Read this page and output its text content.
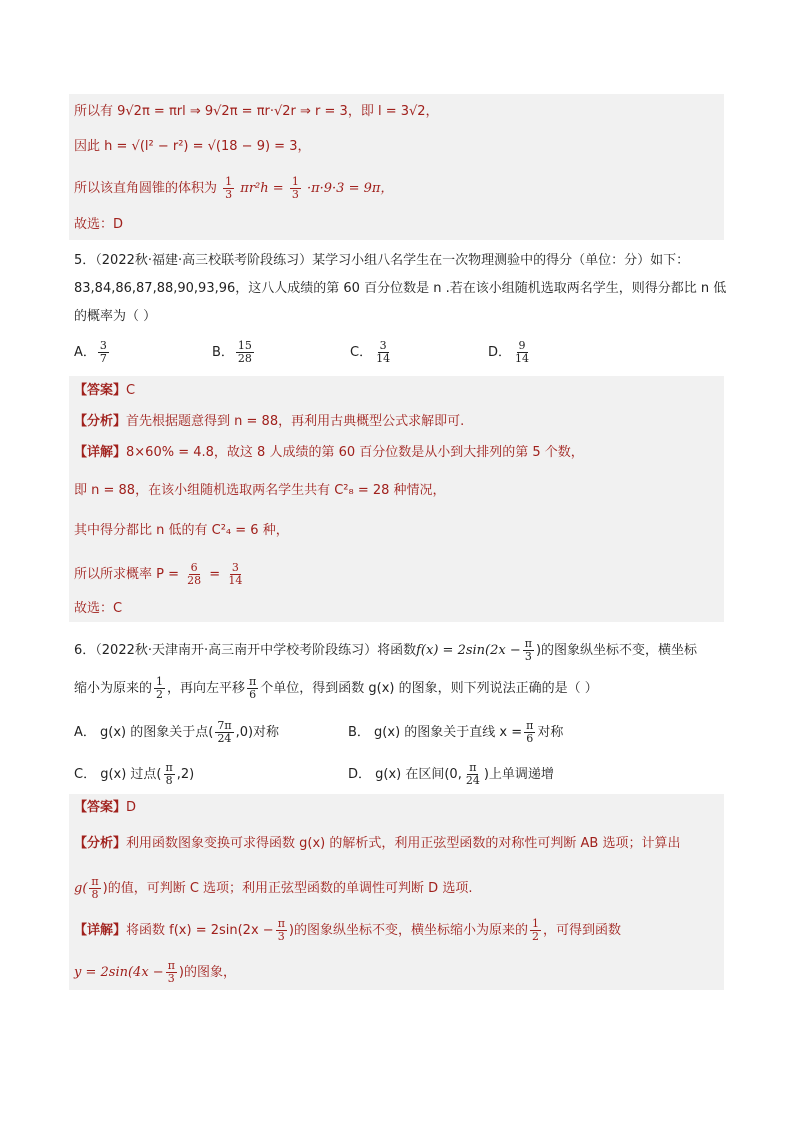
所以有 9√2π = πrl ⇒ 9√2π = πr·√2r ⇒ r = 3，即 l = 3√2，
因此 h = √(l² − r²) = √(18 − 9) = 3，
所以该直角圆锥的体积为 $\frac{1}{3} \pi r^2h = \frac{1}{3} \cdot\pi\cdot 9\cdot 3 = 9\pi$，
故选：D
5．（2022秋·福建·高三校联考阶段练习）某学习小组八名学生在一次物理测验中的得分（单位：分）如下：
83,84,86,87,88,90,93,96，这八人成绩的第 60 百分位数是 n .若在该小组随机选取两名学生，则得分都比 n 低
的概率为（ ）
A． $\frac{3}{7}$	B． $\frac{15}{28}$	C． $\frac{3}{14}$	D． $\frac{9}{14}$
【答案】C
【分析】首先根据题意得到 n = 88，再利用古典概型公式求解即可.
【详解】8×60% = 4.8，故这 8 人成绩的第 60 百分位数是从小到大排列的第 5 个数，
即 n = 88，在该小组随机选取两名学生共有 C²₈ = 28 种情况，
其中得分都比 n 低的有 C²₄ = 6 种，
所以所求概率 $P = \frac{6}{28} = \frac{3}{14}$
故选：C
6．（2022秋·天津南开·高三南开中学校考阶段练习）将函数$f(x) = 2\sin(2x - \frac{\pi}{3}$ )的图象纵坐标不变，横坐标
缩小为原来的 $\frac{1}{2}$ ，再向左平移 $\frac{\pi}{6}$ 个单位，得到函数 g(x) 的图象，则下列说法正确的是（ ）
A． g(x) 的图象关于点( $\frac{7\pi}{24} ,0$)对称	B． g(x) 的图象关于直线 $x = \frac{\pi}{6}$ 对称
C． g(x) 过点( $\frac{\pi}{8} ,2$)	D． g(x) 在区间(0, $\frac{\pi}{24}$ )上单调递增
【答案】D
【分析】利用函数图象变换可求得函数 g(x) 的解析式，利用正弦型函数的对称性可判断 AB 选项；计算出
$g( \frac{\pi}{8}$ )的值，可判断 C 选项；利用正弦型函数的单调性可判断 D 选项.
【详解】将函数 $f(x) = 2\sin(2x - \frac{\pi}{3}$ )的图象纵坐标不变，横坐标缩小为原来的 $\frac{1}{2}$ ，可得到函数
$y = 2\sin(4x - \frac{\pi}{3}$ )的图象，
